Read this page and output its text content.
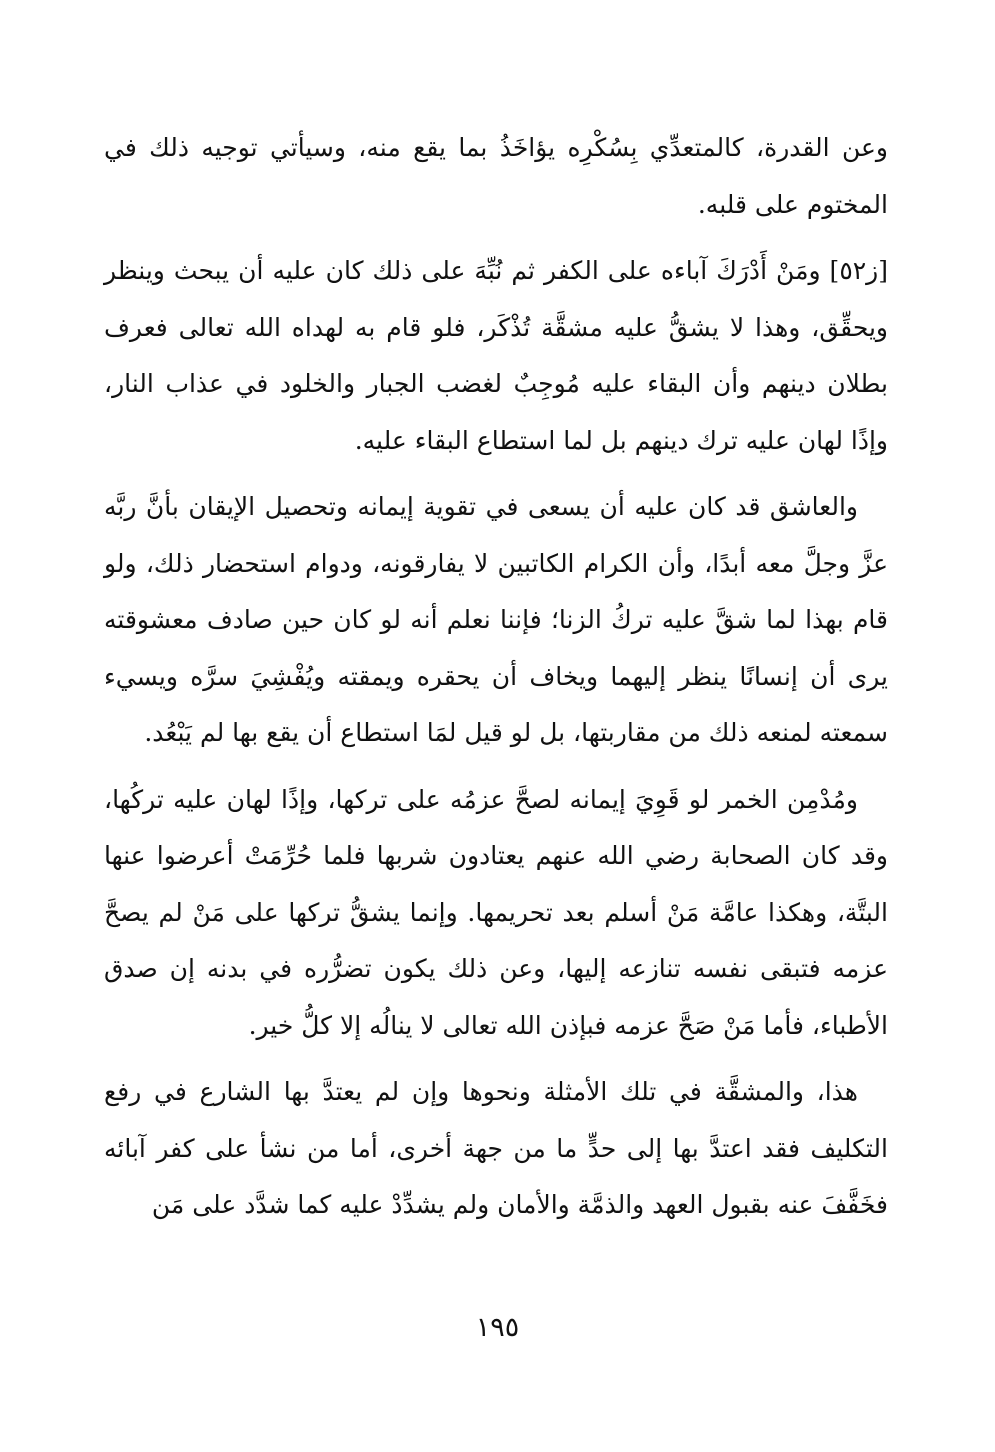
وعن القدرة، كالمتعدِّي بِسُكْرِه يؤاخَذُ بما يقع منه، وسيأتي توجيه ذلك في المختوم على قلبه.

[ز٥٢] ومَنْ أَدْرَكَ آباءه على الكفر ثم نُبِّهَ على ذلك كان عليه أن يبحث وينظر ويحقِّق، وهذا لا يشقُّ عليه مشقَّة تُذْكَر، فلو قام به لهداه الله تعالى فعرف بطلان دينهم وأن البقاء عليه مُوجِبٌ لغضب الجبار والخلود في عذاب النار، وإذًا لهان عليه ترك دينهم بل لما استطاع البقاء عليه.

والعاشق قد كان عليه أن يسعى في تقوية إيمانه وتحصيل الإيقان بأنَّ ربَّه عزَّ وجلَّ معه أبدًا، وأن الكرام الكاتبين لا يفارقونه، ودوام استحضار ذلك، ولو قام بهذا لما شقَّ عليه تركُ الزنا؛ فإننا نعلم أنه لو كان حين صادف معشوقته يرى أن إنسانًا ينظر إليهما ويخاف أن يحقره ويمقته ويُفْشِيَ سرَّه ويسيء سمعته لمنعه ذلك من مقاربتها، بل لو قيل لمَا استطاع أن يقع بها لم يَبْعُد.

ومُدْمِن الخمر لو قَوِيَ إيمانه لصحَّ عزمُه على تركها، وإذًا لهان عليه تركُها، وقد كان الصحابة رضي الله عنهم يعتادون شربها فلما حُرِّمَتْ أعرضوا عنها البتَّة، وهكذا عامَّة مَنْ أسلم بعد تحريمها. وإنما يشقُّ تركها على مَنْ لم يصحَّ عزمه فتبقى نفسه تنازعه إليها، وعن ذلك يكون تضرُّره في بدنه إن صدق الأطباء، فأما مَنْ صَحَّ عزمه فبإذن الله تعالى لا ينالُه إلا كلُّ خير.

هذا، والمشقَّة في تلك الأمثلة ونحوها وإن لم يعتدَّ بها الشارع في رفع التكليف فقد اعتدَّ بها إلى حدٍّ ما من جهة أخرى، أما من نشأ على كفر آبائه فخَفَّفَ عنه بقبول العهد والذمَّة والأمان ولم يشدِّدْ عليه كما شدَّد على مَن

١٩٥
